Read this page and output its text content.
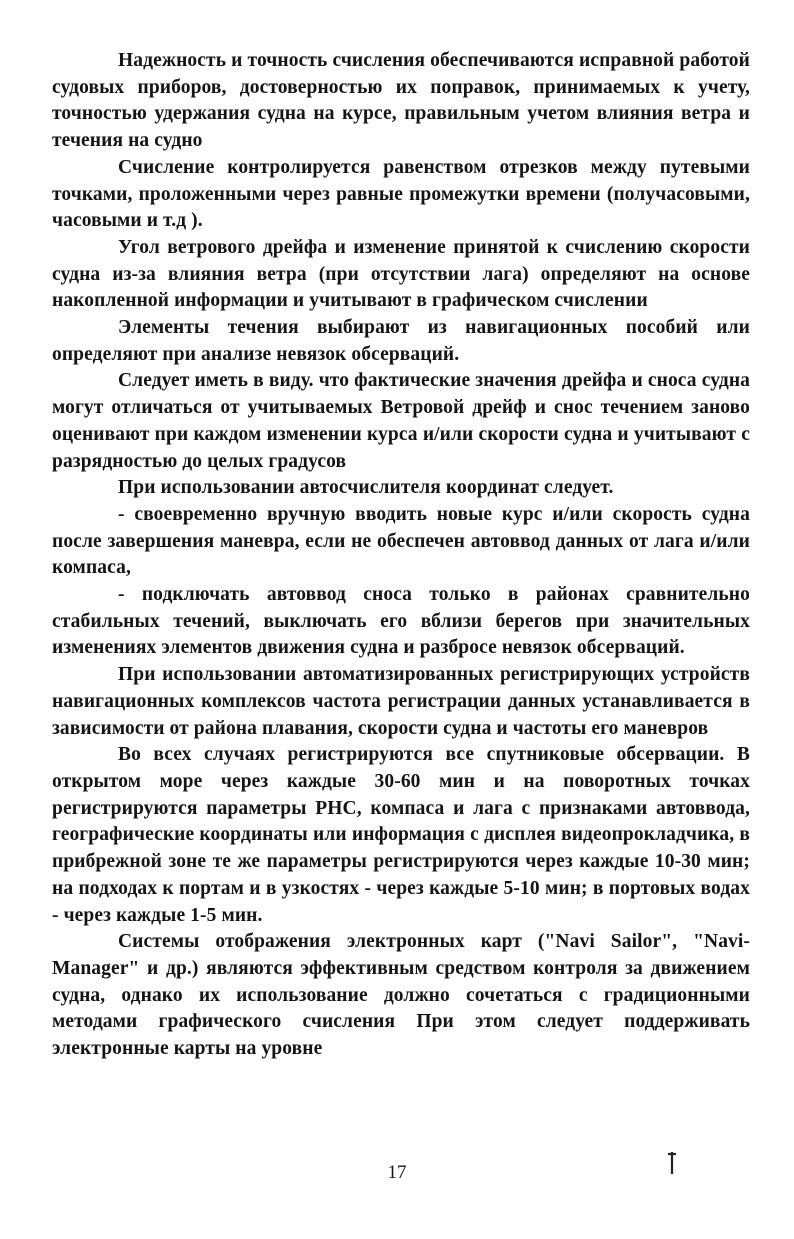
Надежность и точность счисления обеспечиваются исправной работой судовых приборов, достоверностью их поправок, принимаемых к учету, точностью удержания судна на курсе, правильным учетом влияния ветра и течения на судно

Счисление контролируется равенством отрезков между путевыми точками, проложенными через равные промежутки времени (получасовыми, часовыми и т.д ).

Угол ветрового дрейфа и изменение принятой к счислению скорости судна из-за влияния ветра (при отсутствии лага) определяют на основе накопленной информации и учитывают в графическом счислении

Элементы течения выбирают из навигационных пособий или определяют при анализе невязок обсерваций.

Следует иметь в виду. что фактические значения дрейфа и сноса судна могут отличаться от учитываемых Ветровой дрейф и снос течением заново оценивают при каждом изменении курса и/или скорости судна и учитывают с разрядностью до целых градусов

При использовании автосчислителя координат следует.

- своевременно вручную вводить новые курс и/или скорость судна после завершения маневра, если не обеспечен автоввод данных от лага и/или компаса,

- подключать автоввод сноса только в районах сравнительно стабильных течений, выключать его вблизи берегов при значительных изменениях элементов движения судна и разбросе невязок обсерваций.

При использовании автоматизированных регистрирующих устройств навигационных комплексов частота регистрации данных устанавливается в зависимости от района плавания, скорости судна и частоты его маневров

Во всех случаях регистрируются все спутниковые обсервации. В открытом море через каждые 30-60 мин и на поворотных точках регистрируются параметры РНС, компаса и лага с признаками автоввода, географические координаты или информация с дисплея видеопрокладчика, в прибрежной зоне те же параметры регистрируются через каждые 10-30 мин; на подходах к портам и в узкостях - через каждые 5-10 мин; в портовых водах - через каждые 1-5 мин.

Системы отображения электронных карт ("Navi Sailor", "Navi-Manager" и др.) являются эффективным средством контроля за движением судна, однако их использование должно сочетаться с градиционными методами графического счисления При этом следует поддерживать электронные карты на уровне

17
